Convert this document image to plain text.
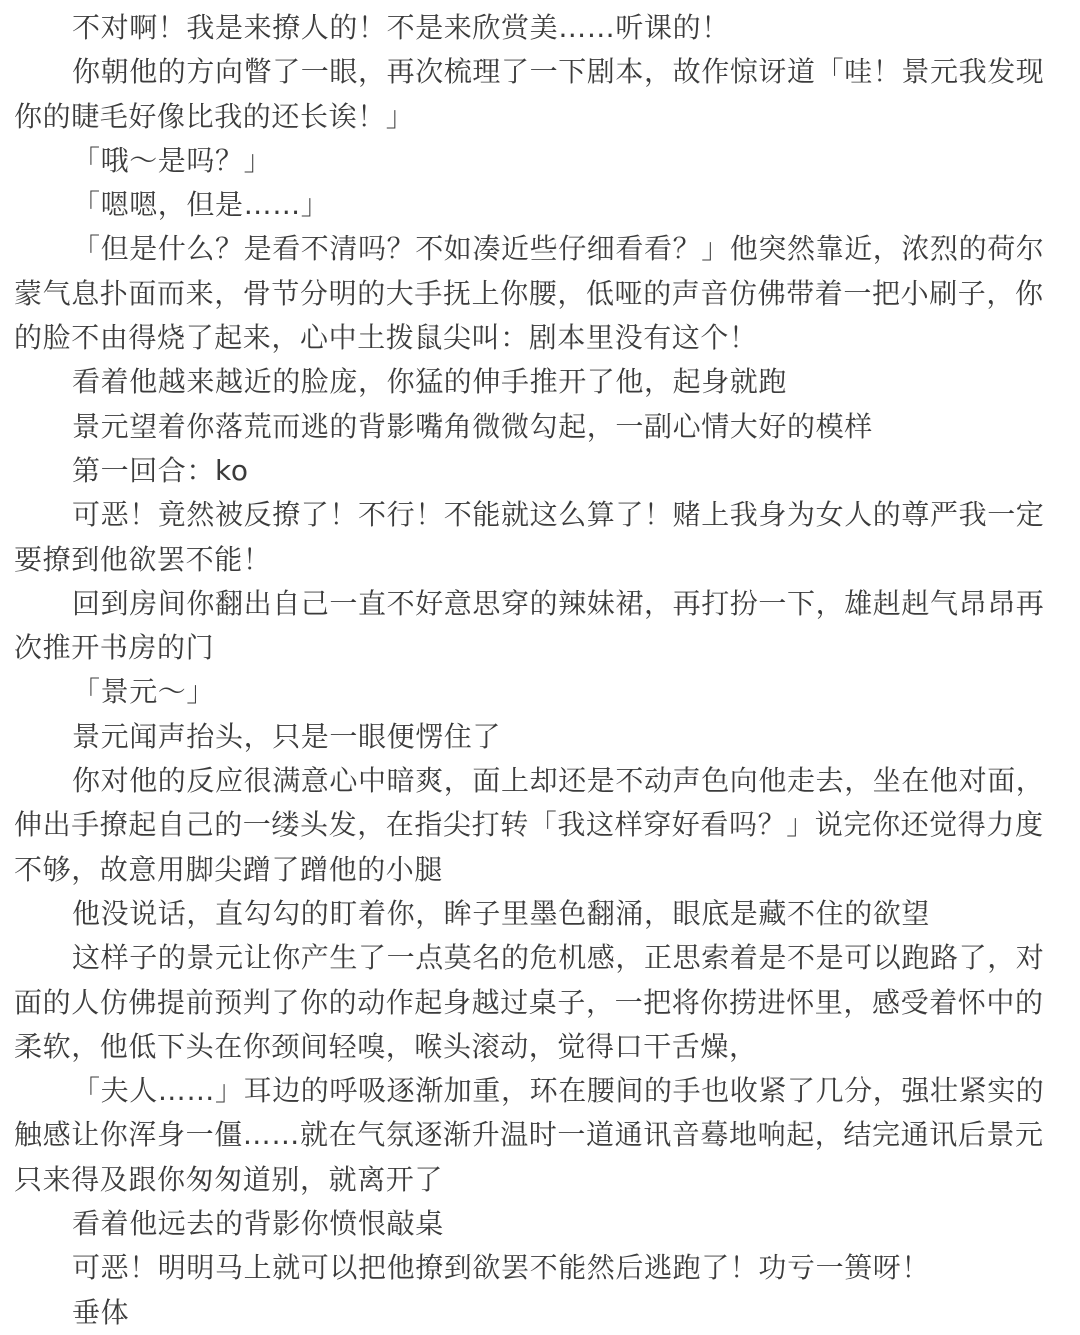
不对啊！我是来撩人的！不是来欣赏美……听课的！

你朝他的方向瞥了一眼，再次梳理了一下剧本，故作惊讶道「哇！景元我发现你的睫毛好像比我的还长诶！」

「哦～是吗？」

「嗯嗯，但是……」

「但是什么？是看不清吗？不如凑近些仔细看看？」他突然靠近，浓烈的荷尔蒙气息扑面而来，骨节分明的大手抚上你腰，低哑的声音仿佛带着一把小刷子，你的脸不由得烧了起来，心中土拨鼠尖叫：剧本里没有这个！

看着他越来越近的脸庞，你猛的伸手推开了他，起身就跑

景元望着你落荒而逃的背影嘴角微微勾起，一副心情大好的模样

第一回合：ko

可恶！竟然被反撩了！不行！不能就这么算了！赌上我身为女人的尊严我一定要撩到他欲罢不能！

回到房间你翻出自己一直不好意思穿的辣妹裙，再打扮一下，雄赳赳气昂昂再次推开书房的门

「景元～」

景元闻声抬头，只是一眼便愣住了

你对他的反应很满意心中暗爽，面上却还是不动声色向他走去，坐在他对面，伸出手撩起自己的一缕头发，在指尖打转「我这样穿好看吗？」说完你还觉得力度不够，故意用脚尖蹭了蹭他的小腿

他没说话，直勾勾的盯着你，眸子里墨色翻涌，眼底是藏不住的欲望

这样子的景元让你产生了一点莫名的危机感，正思索着是不是可以跑路了，对面的人仿佛提前预判了你的动作起身越过桌子，一把将你捞进怀里，感受着怀中的柔软，他低下头在你颈间轻嗅，喉头滚动，觉得口干舌燥，

「夫人……」耳边的呼吸逐渐加重，环在腰间的手也收紧了几分，强壮紧实的触感让你浑身一僵……就在气氛逐渐升温时一道通讯音蓦地响起，结完通讯后景元只来得及跟你匆匆道别，就离开了

看着他远去的背影你愤恨敲桌

可恶！明明马上就可以把他撩到欲罢不能然后逃跑了！功亏一篑呀！

垂体
